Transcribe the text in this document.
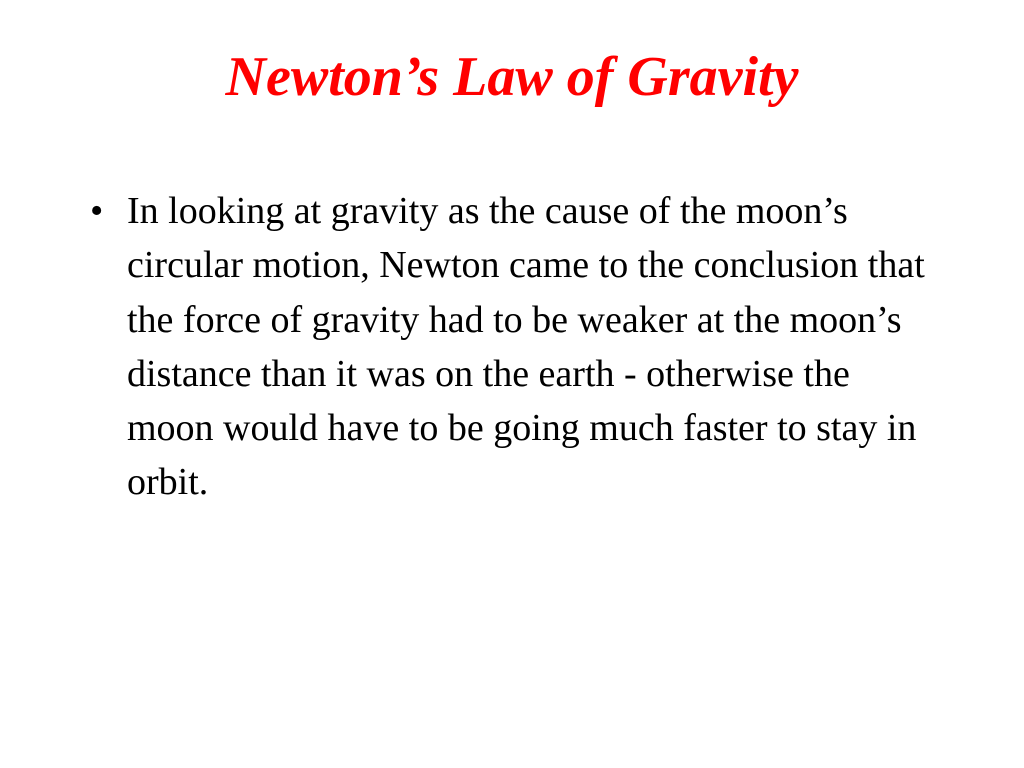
Newton’s Law of Gravity
• In looking at gravity as the cause of the moon’s circular motion, Newton came to the conclusion that the force of gravity had to be weaker at the moon’s distance than it was on the earth - otherwise the moon would have to be going much faster to stay in orbit.
